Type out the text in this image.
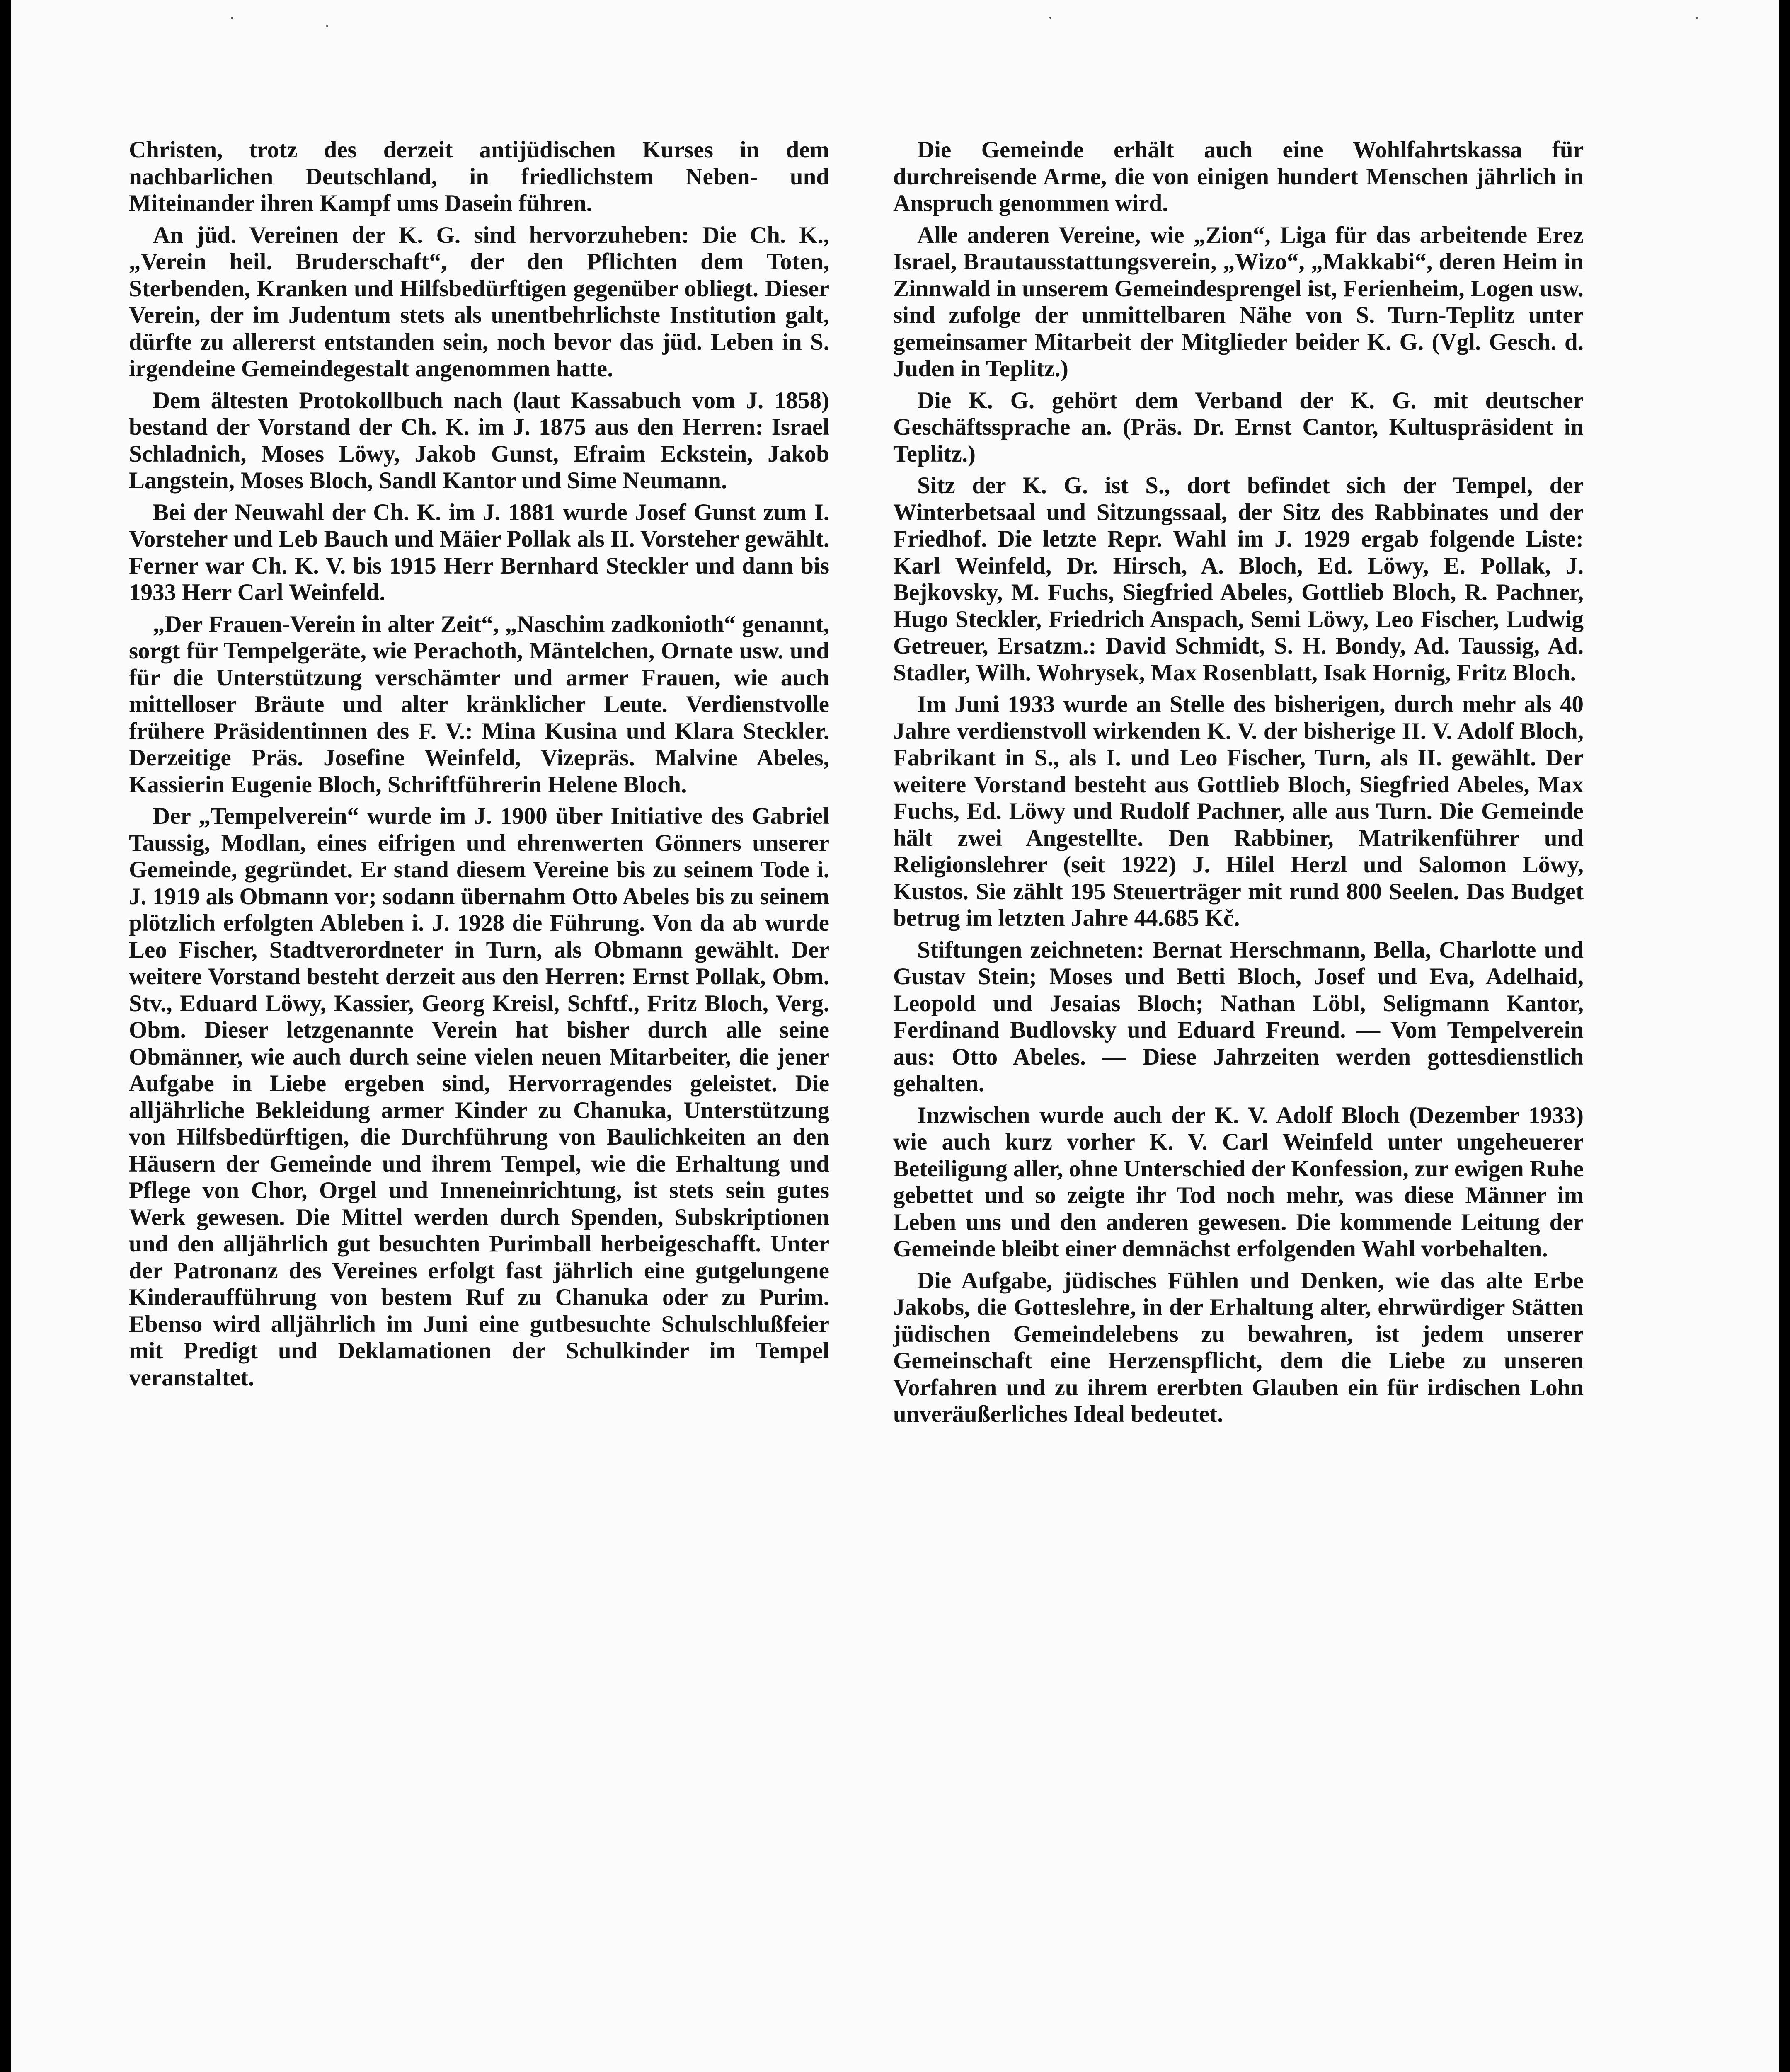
Christen, trotz des derzeit antijüdischen Kurses in dem nachbarlichen Deutschland, in friedlichstem Neben- und Miteinander ihren Kampf ums Dasein führen.

An jüd. Vereinen der K. G. sind hervorzuheben: Die Ch. K., „Verein heil. Bruderschaft“, der den Pflichten dem Toten, Sterbenden, Kranken und Hilfsbedürftigen gegenüber obliegt. Dieser Verein, der im Judentum stets als unentbehrlichste Institution galt, dürfte zu allererst entstanden sein, noch bevor das jüd. Leben in S. irgendeine Gemeindegestalt angenommen hatte.

Dem ältesten Protokollbuch nach (laut Kassabuch vom J. 1858) bestand der Vorstand der Ch. K. im J. 1875 aus den Herren: Israel Schladnich, Moses Löwy, Jakob Gunst, Efraim Eckstein, Jakob Langstein, Moses Bloch, Sandl Kantor und Sime Neumann.

Bei der Neuwahl der Ch. K. im J. 1881 wurde Josef Gunst zum I. Vorsteher und Leb Bauch und Mäier Pollak als II. Vorsteher gewählt. Ferner war Ch. K. V. bis 1915 Herr Bernhard Steckler und dann bis 1933 Herr Carl Weinfeld.

„Der Frauen-Verein in alter Zeit“, „Naschim zadkonioth“ genannt, sorgt für Tempelgeräte, wie Perachoth, Mäntelchen, Ornate usw. und für die Unterstützung verschämter und armer Frauen, wie auch mittelloser Bräute und alter kränklicher Leute. Verdienstvolle frühere Präsidentinnen des F. V.: Mina Kusina und Klara Steckler. Derzeitige Präs. Josefine Weinfeld, Vizepräs. Malvine Abeles, Kassierin Eugenie Bloch, Schriftführerin Helene Bloch.

Der „Tempelverein“ wurde im J. 1900 über Initiative des Gabriel Taussig, Modlan, eines eifrigen und ehrenwerten Gönners unserer Gemeinde, gegründet. Er stand diesem Vereine bis zu seinem Tode i. J. 1919 als Obmann vor; sodann übernahm Otto Abeles bis zu seinem plötzlich erfolgten Ableben i. J. 1928 die Führung. Von da ab wurde Leo Fischer, Stadtverordneter in Turn, als Obmann gewählt. Der weitere Vorstand besteht derzeit aus den Herren: Ernst Pollak, Obm. Stv., Eduard Löwy, Kassier, Georg Kreisl, Schftf., Fritz Bloch, Verg. Obm. Dieser letzgenannte Verein hat bisher durch alle seine Obmänner, wie auch durch seine vielen neuen Mitarbeiter, die jener Aufgabe in Liebe ergeben sind, Hervorragendes geleistet. Die alljährliche Bekleidung armer Kinder zu Chanuka, Unterstützung von Hilfsbedürftigen, die Durchführung von Baulichkeiten an den Häusern der Gemeinde und ihrem Tempel, wie die Erhaltung und Pflege von Chor, Orgel und Inneneinrichtung, ist stets sein gutes Werk gewesen. Die Mittel werden durch Spenden, Subskriptionen und den alljährlich gut besuchten Purimball herbeigeschafft. Unter der Patronanz des Vereines erfolgt fast jährlich eine gutgelungene Kinderaufführung von bestem Ruf zu Chanuka oder zu Purim. Ebenso wird alljährlich im Juni eine gutbesuchte Schulschlußfeier mit Predigt und Deklamationen der Schulkinder im Tempel veranstaltet.

Die Gemeinde erhält auch eine Wohlfahrtskassa für durchreisende Arme, die von einigen hundert Menschen jährlich in Anspruch genommen wird.

Alle anderen Vereine, wie „Zion“, Liga für das arbeitende Erez Israel, Brautausstattungsverein, „Wizo“, „Makkabi“, deren Heim in Zinnwald in unserem Gemeindesprengel ist, Ferienheim, Logen usw. sind zufolge der unmittelbaren Nähe von S. Turn-Teplitz unter gemeinsamer Mitarbeit der Mitglieder beider K. G. (Vgl. Gesch. d. Juden in Teplitz.)

Die K. G. gehört dem Verband der K. G. mit deutscher Geschäftssprache an. (Präs. Dr. Ernst Cantor, Kultuspräsident in Teplitz.)

Sitz der K. G. ist S., dort befindet sich der Tempel, der Winterbetsaal und Sitzungssaal, der Sitz des Rabbinates und der Friedhof. Die letzte Repr. Wahl im J. 1929 ergab folgende Liste: Karl Weinfeld, Dr. Hirsch, A. Bloch, Ed. Löwy, E. Pollak, J. Bejkovsky, M. Fuchs, Siegfried Abeles, Gottlieb Bloch, R. Pachner, Hugo Steckler, Friedrich Anspach, Semi Löwy, Leo Fischer, Ludwig Getreuer, Ersatzm.: David Schmidt, S. H. Bondy, Ad. Taussig, Ad. Stadler, Wilh. Wohrysek, Max Rosenblatt, Isak Hornig, Fritz Bloch.

Im Juni 1933 wurde an Stelle des bisherigen, durch mehr als 40 Jahre verdienstvoll wirkenden K. V. der bisherige II. V. Adolf Bloch, Fabrikant in S., als I. und Leo Fischer, Turn, als II. gewählt. Der weitere Vorstand besteht aus Gottlieb Bloch, Siegfried Abeles, Max Fuchs, Ed. Löwy und Rudolf Pachner, alle aus Turn. Die Gemeinde hält zwei Angestellte. Den Rabbiner, Matrikenführer und Religionslehrer (seit 1922) J. Hilel Herzl und Salomon Löwy, Kustos. Sie zählt 195 Steuerträger mit rund 800 Seelen. Das Budget betrug im letzten Jahre 44.685 Kč.

Stiftungen zeichneten: Bernat Herschmann, Bella, Charlotte und Gustav Stein; Moses und Betti Bloch, Josef und Eva, Adelhaid, Leopold und Jesaias Bloch; Nathan Löbl, Seligmann Kantor, Ferdinand Budlovsky und Eduard Freund. — Vom Tempelverein aus: Otto Abeles. — Diese Jahrzeiten werden gottesdienstlich gehalten.

Inzwischen wurde auch der K. V. Adolf Bloch (Dezember 1933) wie auch kurz vorher K. V. Carl Weinfeld unter ungeheuerer Beteiligung aller, ohne Unterschied der Konfession, zur ewigen Ruhe gebettet und so zeigte ihr Tod noch mehr, was diese Männer im Leben uns und den anderen gewesen. Die kommende Leitung der Gemeinde bleibt einer demnächst erfolgenden Wahl vorbehalten.

Die Aufgabe, jüdisches Fühlen und Denken, wie das alte Erbe Jakobs, die Gotteslehre, in der Erhaltung alter, ehrwürdiger Stätten jüdischen Gemeindelebens zu bewahren, ist jedem unserer Gemeinschaft eine Herzenspflicht, dem die Liebe zu unseren Vorfahren und zu ihrem ererbten Glauben ein für irdischen Lohn unveräußerliches Ideal bedeutet.
